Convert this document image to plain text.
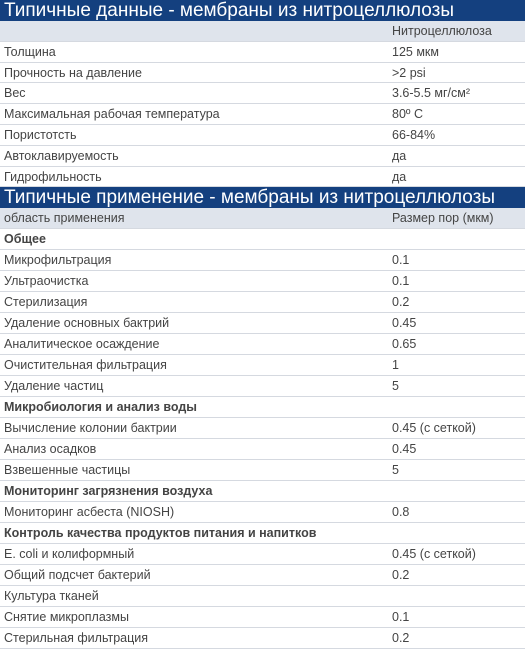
Типичные данные - мембраны из нитроцеллюлозы
Нитроцеллюлоза
Толщина	125 мкм
Прочность на давление	>2 psi
Вес	3.6-5.5 мг/см²
Максимальная рабочая температура	80º С
Пористотсть	66-84%
Автоклавируемость	да
Гидрофильность	да
Типичные применение - мембраны из нитроцеллюлозы
область применения	Размер пор (мкм)
Общее
Микрофильтрация	0.1
Ультраочистка	0.1
Стерилизация	0.2
Удаление основных бактрий	0.45
Аналитическое осаждение	0.65
Очистительная фильтрация	1
Удаление частиц	5
Микробиология и анализ воды
Вычисление колонии бактрии	0.45 (с сеткой)
Анализ осадков	0.45
Взвешенные частицы	5
Мониторинг загрязнения воздуха
Мониторинг асбеста (NIOSH)	0.8
Контроль качества продуктов питания и напитков
E. coli и колиформный	0.45 (с сеткой)
Общий подсчет бактерий	0.2
Культура тканей
Снятие микроплазмы	0.1
Стерильная фильтрация	0.2
